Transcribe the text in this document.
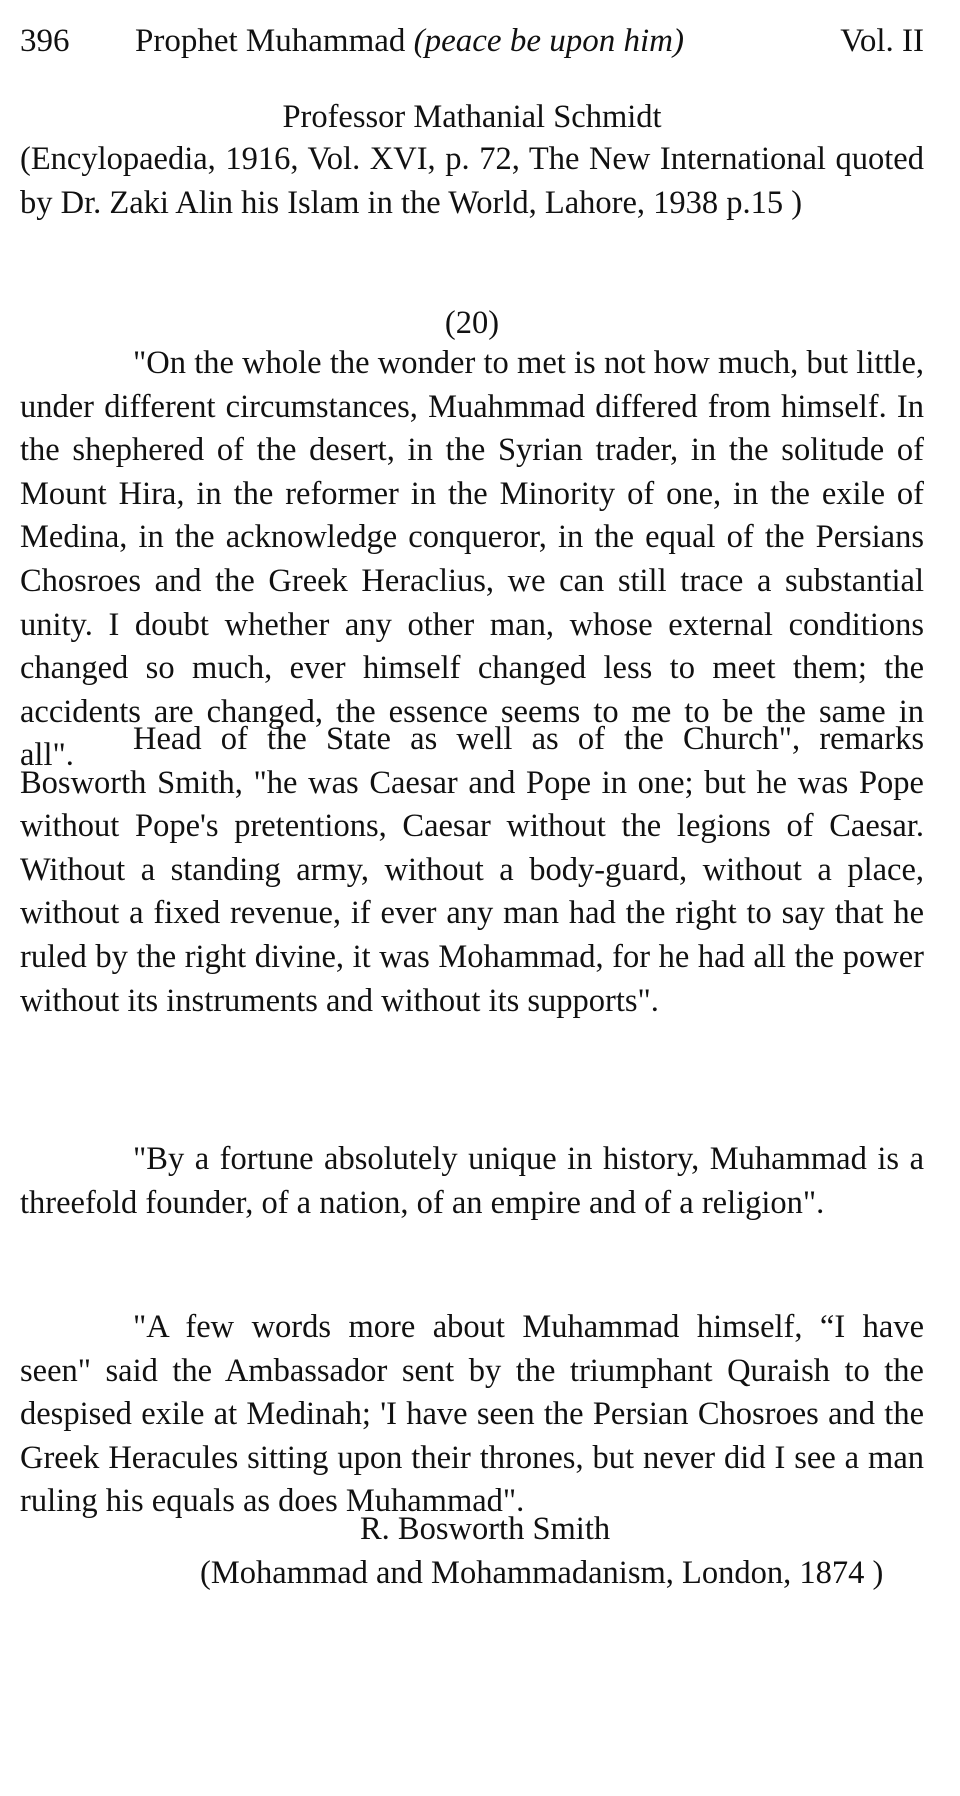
396 Prophet Muhammad (peace be upon him)	Vol. II
Professor Mathanial Schmidt
(Encylopaedia, 1916, Vol. XVI, p. 72, The New International quoted by Dr. Zaki Alin his Islam in the World, Lahore, 1938 p.15 )
(20)

"On the whole the wonder to met is not how much, but little, under different circumstances, Muahmmad differed from himself. In the shephered of the desert, in the Syrian trader, in the solitude of Mount Hira, in the reformer in the Minority of one, in the exile of Medina, in the acknowledge conqueror, in the equal of the Persians Chosroes and the Greek Heraclius, we can still trace a substantial unity. I doubt whether any other man, whose external conditions changed so much, ever himself changed less to meet them; the accidents are changed, the essence seems to me to be the same in all".	Head of the State as well as of the Church", remarks Bosworth Smith, "he was Caesar and Pope in one; but he was Pope without Pope's pretentions, Caesar without the legions of Caesar. Without a standing army, without a body-guard, without a place, without a fixed revenue, if ever any man had the right to say that he ruled by the right divine, it was Mohammad, for he had all the power without its instruments and without its supports".

"By a fortune absolutely unique in history, Muhammad is a threefold founder, of a nation, of an empire and of a religion".

"A few words more about Muhammad himself, “I have seen" said the Ambassador sent by the triumphant Quraish to the despised exile at Medinah; 'I have seen the Persian Chosroes and the Greek Heracules sitting upon their thrones, but never did I see a man ruling his equals as does Muhammad".

R. Bosworth Smith
(Mohammad and Mohammadanism, London, 1874 )
